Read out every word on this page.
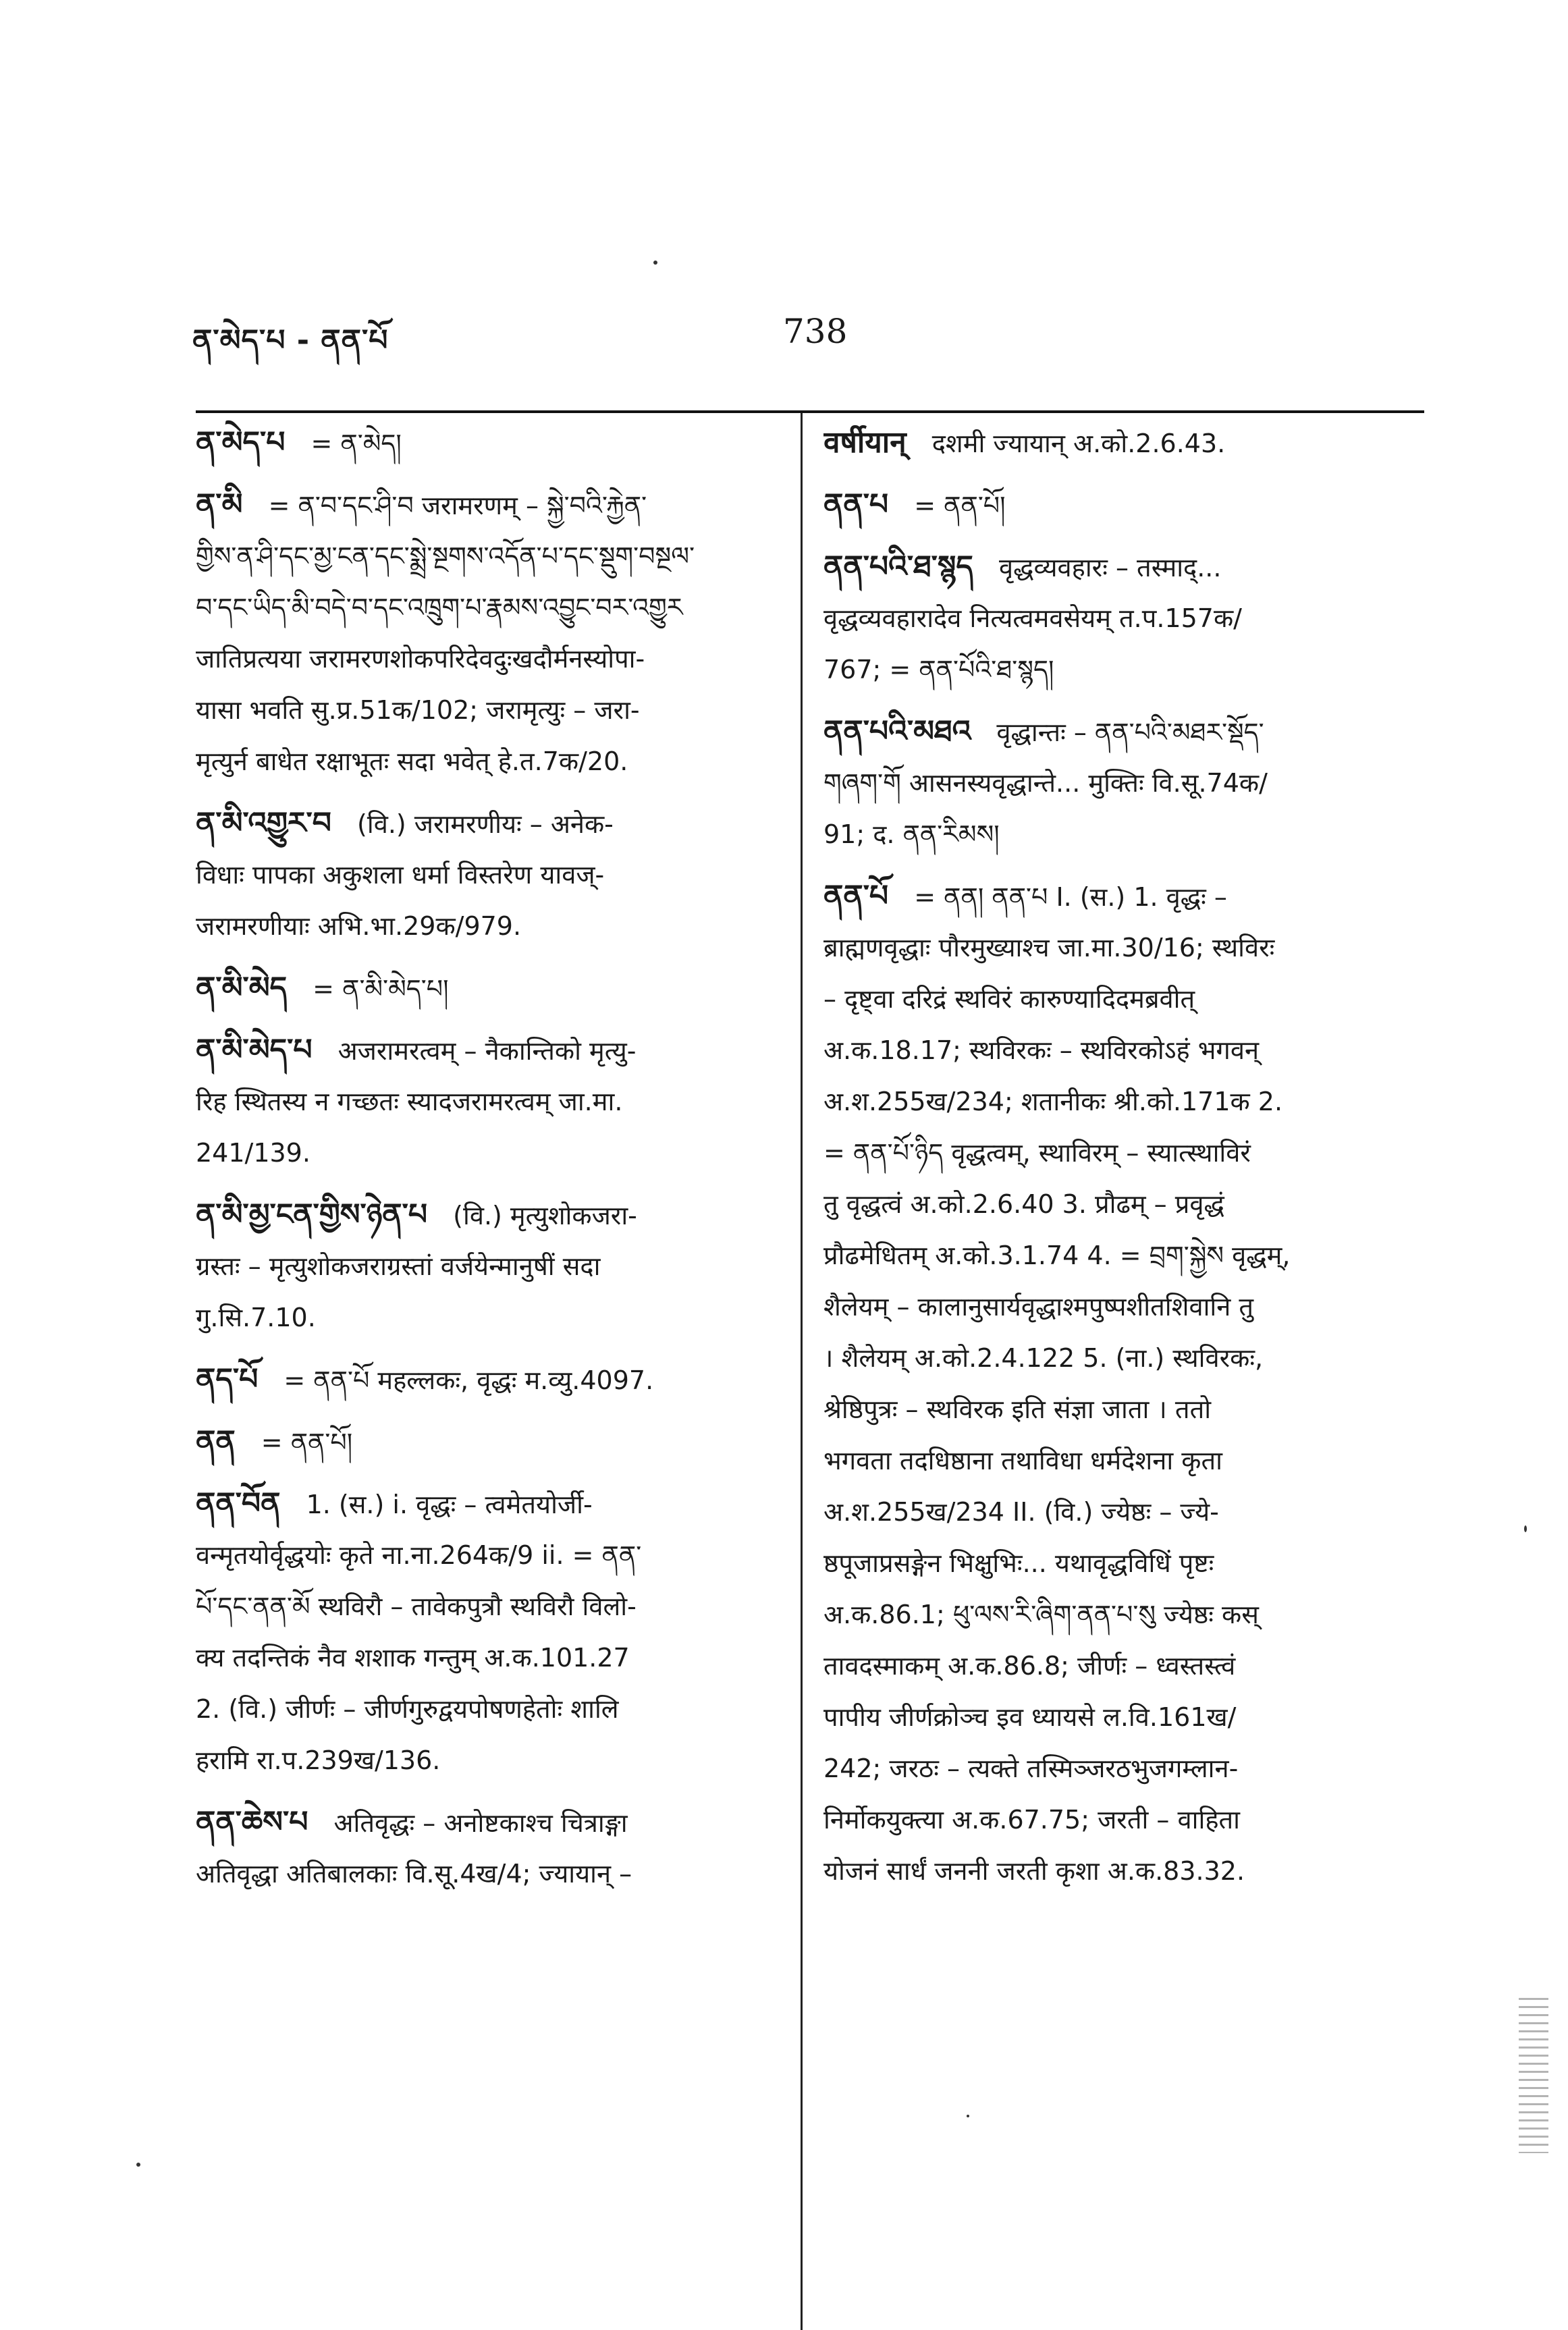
ན་མེད་པ - ནན་པོ	738
ན་མེད་པ = ན་མེད།
ན་མི = ན་བ་དང་ཤི་བ जरामरणम् – སྐྱེ་བའི་རྐྱེན་
གྱིས་ན་ཤི་དང་མྱ་ངན་དང་སྨྲེ་སྔགས་འདོན་པ་དང་སྡུག་བསྔལ་
བ་དང་ཡིད་མི་བདེ་བ་དང་འཁྲུག་པ་རྣམས་འབྱུང་བར་འགྱུར
जातिप्रत्यया जरामरणशोकपरिदेवदुःखदौर्मनस्योपा-
यासा भवति सु.प्र.51क/102; जरामृत्युः – जरा-
मृत्युर्न बाधेत रक्षाभूतः सदा भवेत् हे.त.7क/20.
ན་མི་འགྱུར་བ (वि.) जरामरणीयः – अनेक-
विधाः पापका अकुशला धर्मा विस्तरेण यावज्-
जरामरणीयाः अभि.भा.29क/979.
ན་མི་མེད = ན་མི་མེད་པ།
ན་མི་མེད་པ अजरामरत्वम् – नैकान्तिको मृत्यु-
रिह स्थितस्य न गच्छतः स्यादजरामरत्वम् जा.मा.
241/139.
ན་མི་མྱ་ངན་གྱིས་ཉེན་པ (वि.) मृत्युशोकजरा-
ग्रस्तः – मृत्युशोकजराग्रस्तां वर्जयेन्मानुषीं सदा
गु.सि.7.10.
ནད་པོ = ནན་པོ महल्लकः, वृद्धः म.व्यु.4097.
ནན = ནན་པོ།
ནན་བོན 1. (स.) i. वृद्धः – त्वमेतयोर्जी-
वन्मृतयोर्वृद्धयोः कृते ना.ना.264क/9 ii. = ནན་
པོ་དང་ནན་མོ स्थविरौ – तावेकपुत्रौ स्थविरौ विलो-
क्य तदन्तिकं नैव शशाक गन्तुम् अ.क.101.27
2. (वि.) जीर्णः – जीर्णगुरुद्वयपोषणहेतोः शालि
हरामि रा.प.239ख/136.
ནན་ཆེས་པ अतिवृद्धः – अनोष्टकाश्च चित्राङ्गा
अतिवृद्धा अतिबालकाः वि.सू.4ख/4; ज्यायान् –
वर्षीयान् दशमी ज्यायान् अ.को.2.6.43.
ནན་པ = ནན་པོ།
ནན་པའི་ཐ་སྙད वृद्धव्यवहारः – तस्माद्...
वृद्धव्यवहारादेव नित्यत्वमवसेयम् त.प.157क/
767; = ནན་པོའི་ཐ་སྙད།
ནན་པའི་མཐའ वृद्धान्तः – ནན་པའི་མཐར་སྡོད་
གཞག་གོ आसनस्यवृद्धान्ते... मुक्तिः वि.सू.74क/
91; द. ནན་རིམས།
ནན་པོ = ནན། ནན་པ I. (स.) 1. वृद्धः –
ब्राह्मणवृद्धाः पौरमुख्याश्च जा.मा.30/16; स्थविरः
– दृष्ट्वा दरिद्रं स्थविरं कारुण्यादिदमब्रवीत्
अ.क.18.17; स्थविरकः – स्थविरकोऽहं भगवन्
अ.श.255ख/234; शतानीकः श्री.को.171क 2.
= ནན་པོ་ཉིད वृद्धत्वम्, स्थाविरम् – स्यात्स्थाविरं
तु वृद्धत्वं अ.को.2.6.40 3. प्रौढम् – प्रवृद्धं
प्रौढमेधितम् अ.को.3.1.74 4. = བྲག་སྐྱེས वृद्धम्,
शैलेयम् – कालानुसार्यवृद्धाश्मपुष्पशीतशिवानि तु
। शैलेयम् अ.को.2.4.122 5. (ना.) स्थविरकः,
श्रेष्ठिपुत्रः – स्थविरक इति संज्ञा जाता । ततो
भगवता तदधिष्ठाना तथाविधा धर्मदेशना कृता
अ.श.255ख/234 II. (वि.) ज्येष्ठः – ज्ये-
ष्ठपूजाप्रसङ्गेन भिक्षुभिः... यथावृद्धविधिं पृष्टः
अ.क.86.1; ཕུ་ལས་རི་ཞིག་ནན་པ་སུ ज्येष्ठः कस्
तावदस्माकम् अ.क.86.8; जीर्णः – ध्वस्तस्त्वं
पापीय जीर्णक्रोञ्च इव ध्यायसे ल.वि.161ख/
242; जरठः – त्यक्ते तस्मिञ्जरठभुजगम्लान-
निर्मोकयुक्त्या अ.क.67.75; जरती – वाहिता
योजनं सार्धं जननी जरती कृशा अ.क.83.32.
